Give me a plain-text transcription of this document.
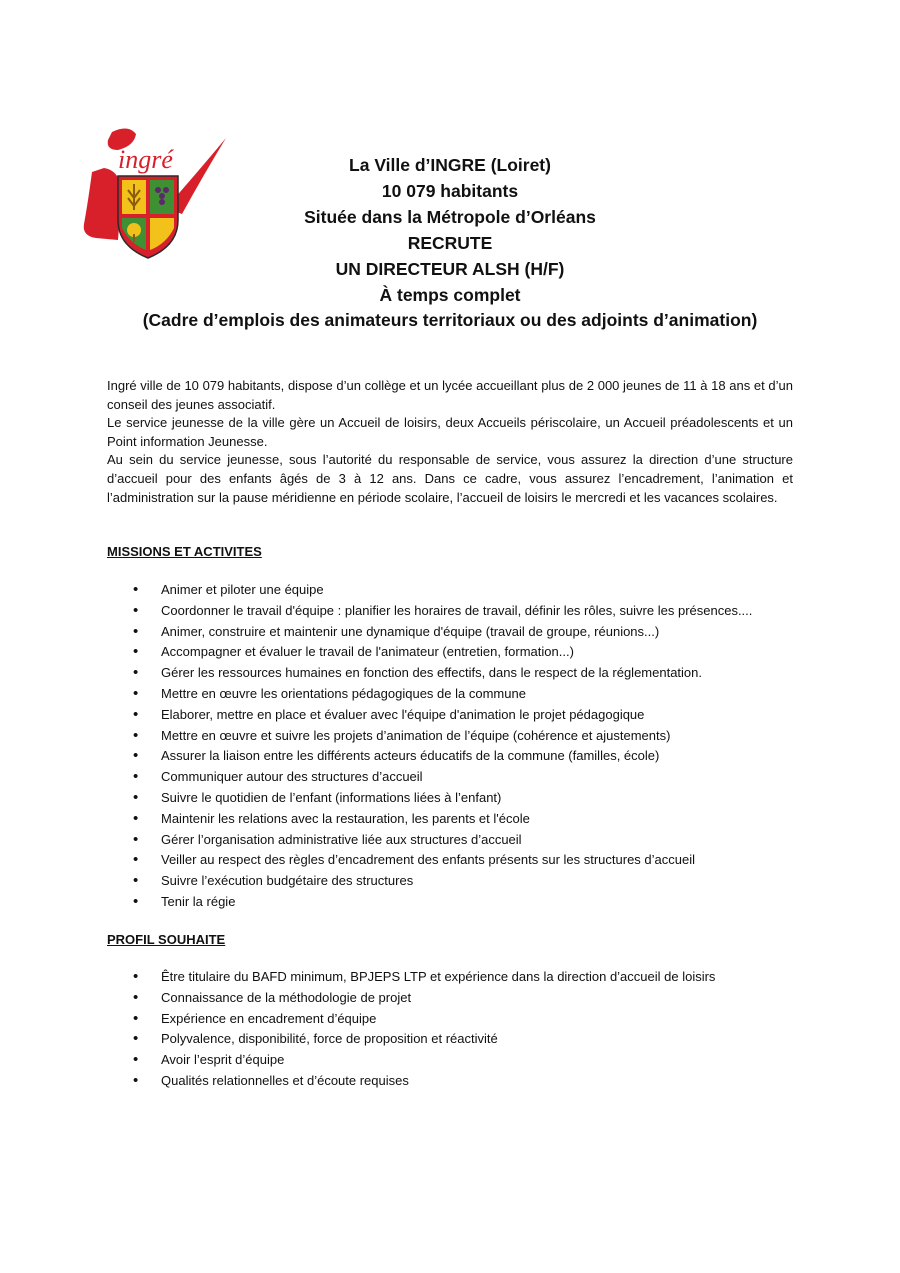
ingré	La Ville d’INGRE (Loiret)
10 079 habitants
Située dans la Métropole d’Orléans
RECRUTE
UN DIRECTEUR ALSH (H/F)
À temps complet
(Cadre d’emplois des animateurs territoriaux ou des adjoints d’animation)

Ingré ville de 10 079 habitants, dispose d’un collège et un lycée accueillant plus de 2 000 jeunes de 11 à 18 ans et d’un conseil des jeunes associatif.

Le service jeunesse de la ville gère un Accueil de loisirs, deux Accueils périscolaire, un Accueil préadolescents et un Point information Jeunesse.

Au sein du service jeunesse, sous l’autorité du responsable de service, vous assurez la direction d’une structure d’accueil pour des enfants âgés de 3 à 12 ans. Dans ce cadre, vous assurez l’encadrement, l’animation et l’administration sur la pause méridienne en période scolaire, l’accueil de loisirs le mercredi et les vacances scolaires.

MISSIONS ET ACTIVITES
• Animer et piloter une équipe
• Coordonner le travail d'équipe : planifier les horaires de travail, définir les rôles, suivre les présences....
• Animer, construire et maintenir une dynamique d'équipe (travail de groupe, réunions...)
• Accompagner et évaluer le travail de l'animateur (entretien, formation...)
• Gérer les ressources humaines en fonction des effectifs, dans le respect de la réglementation.
• Mettre en œuvre les orientations pédagogiques de la commune
• Elaborer, mettre en place et évaluer avec l'équipe d'animation le projet pédagogique
• Mettre en œuvre et suivre les projets d’animation de l’équipe (cohérence et ajustements)
• Assurer la liaison entre les différents acteurs éducatifs de la commune (familles, école)
• Communiquer autour des structures d’accueil
• Suivre le quotidien de l’enfant (informations liées à l’enfant)
• Maintenir les relations avec la restauration, les parents et l'école
• Gérer l’organisation administrative liée aux structures d’accueil
• Veiller au respect des règles d’encadrement des enfants présents sur les structures d’accueil
• Suivre l’exécution budgétaire des structures
• Tenir la régie
PROFIL SOUHAITE
• Être titulaire du BAFD minimum, BPJEPS LTP et expérience dans la direction d’accueil de loisirs
• Connaissance de la méthodologie de projet
• Expérience en encadrement d’équipe
• Polyvalence, disponibilité, force de proposition et réactivité
• Avoir l’esprit d’équipe
• Qualités relationnelles et d’écoute requises
